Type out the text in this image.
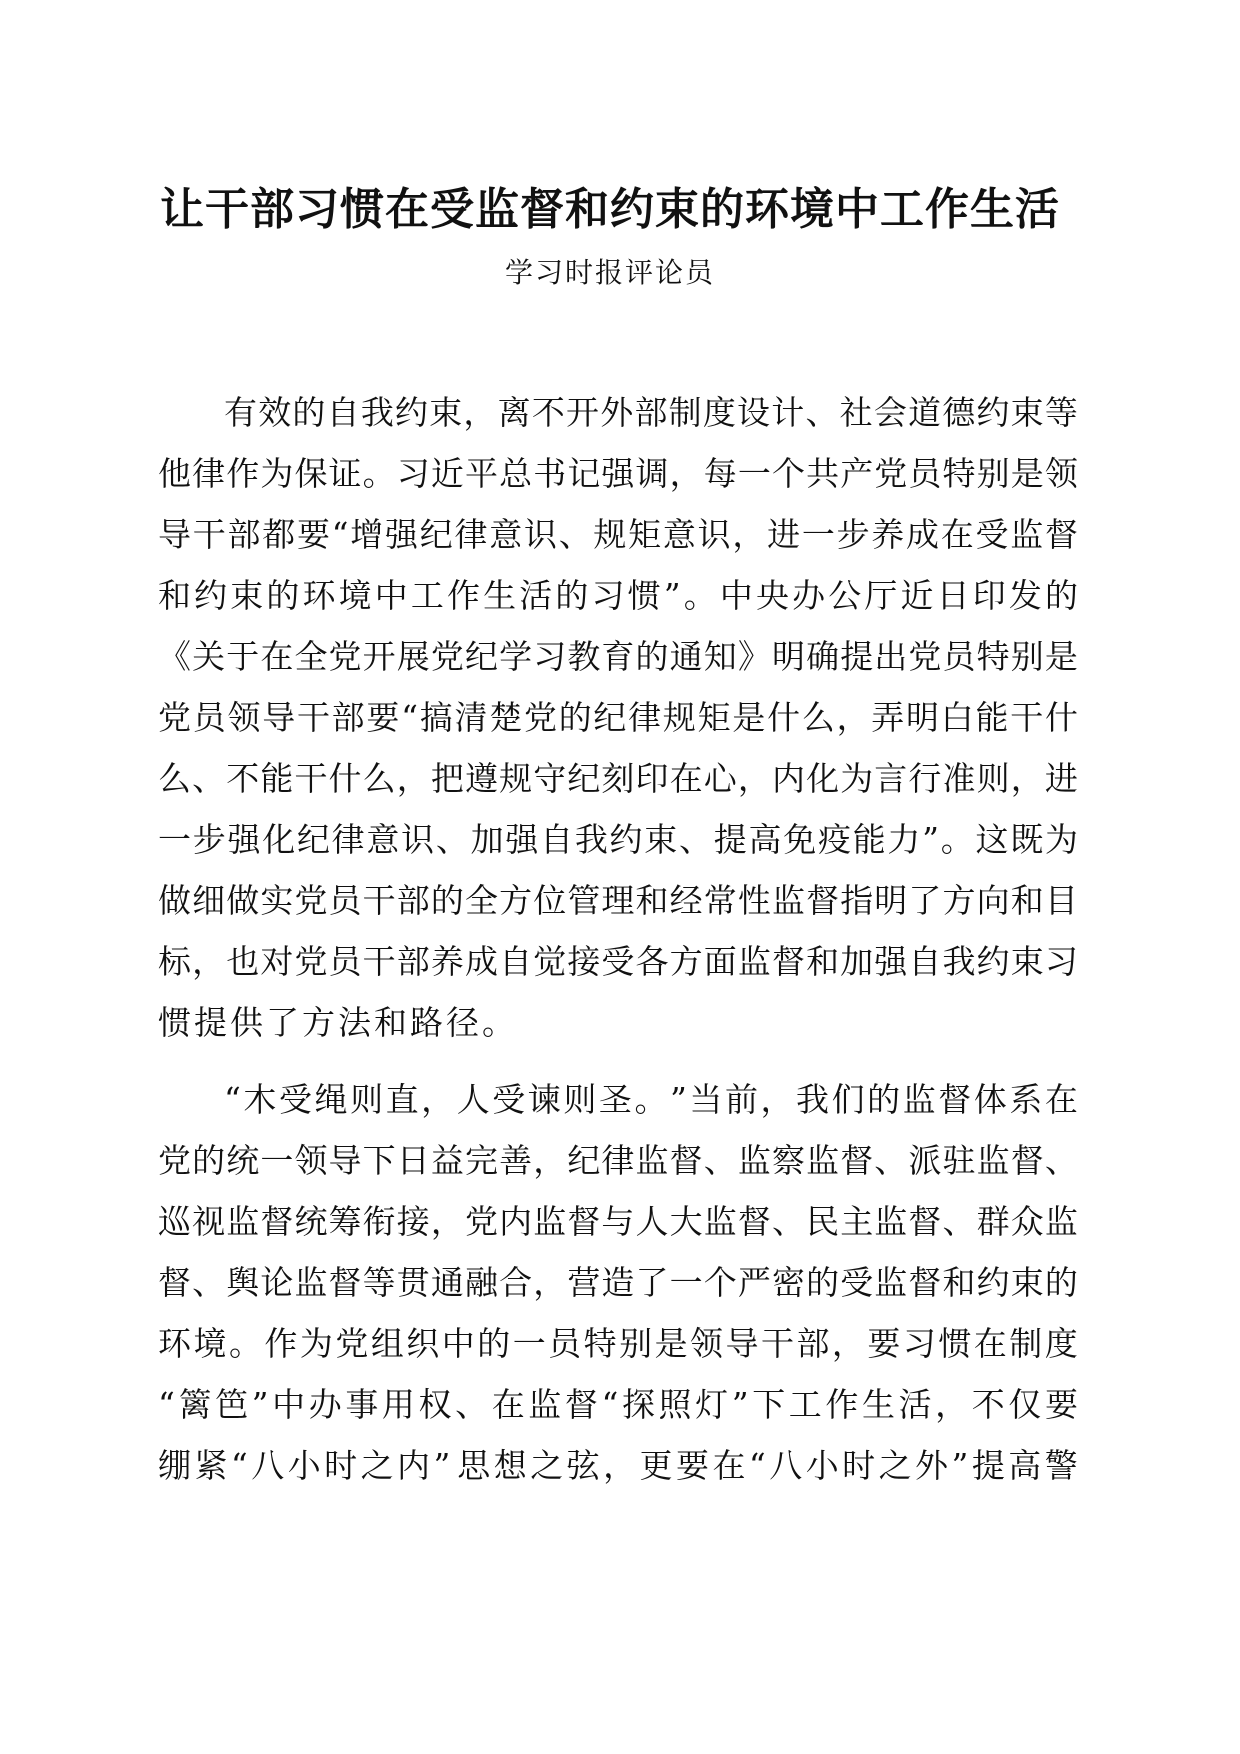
让干部习惯在受监督和约束的环境中工作生活
学习时报评论员
有 效 的 自 我 约 束 ， 离 不 开 外 部 制 度 设 计 、 社 会 道 德 约 束 等
他 律 作 为 保 证 。 习 近 平 总 书 记 强 调 ， 每 一 个 共 产 党 员 特 别 是 领
导 干 部 都 要 “ 增 强 纪 律 意 识 、 规 矩 意 识 ， 进 一 步 养 成 在 受 监 督
和 约 束 的 环 境 中 工 作 生 活 的 习 惯 ” 。 中 央 办 公 厅 近 日 印 发 的
《 关 于 在 全 党 开 展 党 纪 学 习 教 育 的 通 知 》 明 确 提 出 党 员 特 别 是
党 员 领 导 干 部 要 “ 搞 清 楚 党 的 纪 律 规 矩 是 什 么 ， 弄 明 白 能 干 什
么 、 不 能 干 什 么 ， 把 遵 规 守 纪 刻 印 在 心 ， 内 化 为 言 行 准 则 ， 进
一 步 强 化 纪 律 意 识 、 加 强 自 我 约 束 、 提 高 免 疫 能 力 ” 。 这 既 为
做 细 做 实 党 员 干 部 的 全 方 位 管 理 和 经 常 性 监 督 指 明 了 方 向 和 目
标 ， 也 对 党 员 干 部 养 成 自 觉 接 受 各 方 面 监 督 和 加 强 自 我 约 束 习
惯提供了方法和路径。
“ 木 受 绳 则 直 ， 人 受 谏 则 圣 。 ” 当 前 ， 我 们 的 监 督 体 系 在
党 的 统 一 领 导 下 日 益 完 善 ， 纪 律 监 督 、 监 察 监 督 、 派 驻 监 督 、
巡 视 监 督 统 筹 衔 接 ， 党 内 监 督 与 人 大 监 督 、 民 主 监 督 、 群 众 监
督 、 舆 论 监 督 等 贯 通 融 合 ， 营 造 了 一 个 严 密 的 受 监 督 和 约 束 的
环 境 。 作 为 党 组 织 中 的 一 员 特 别 是 领 导 干 部 ， 要 习 惯 在 制 度
“ 篱 笆 ” 中 办 事 用 权 、 在 监 督 “ 探 照 灯 ” 下 工 作 生 活 ， 不 仅 要
绷 紧 “ 八 小 时 之 内 ” 思 想 之 弦 ， 更 要 在 “ 八 小 时 之 外 ” 提 高 警
